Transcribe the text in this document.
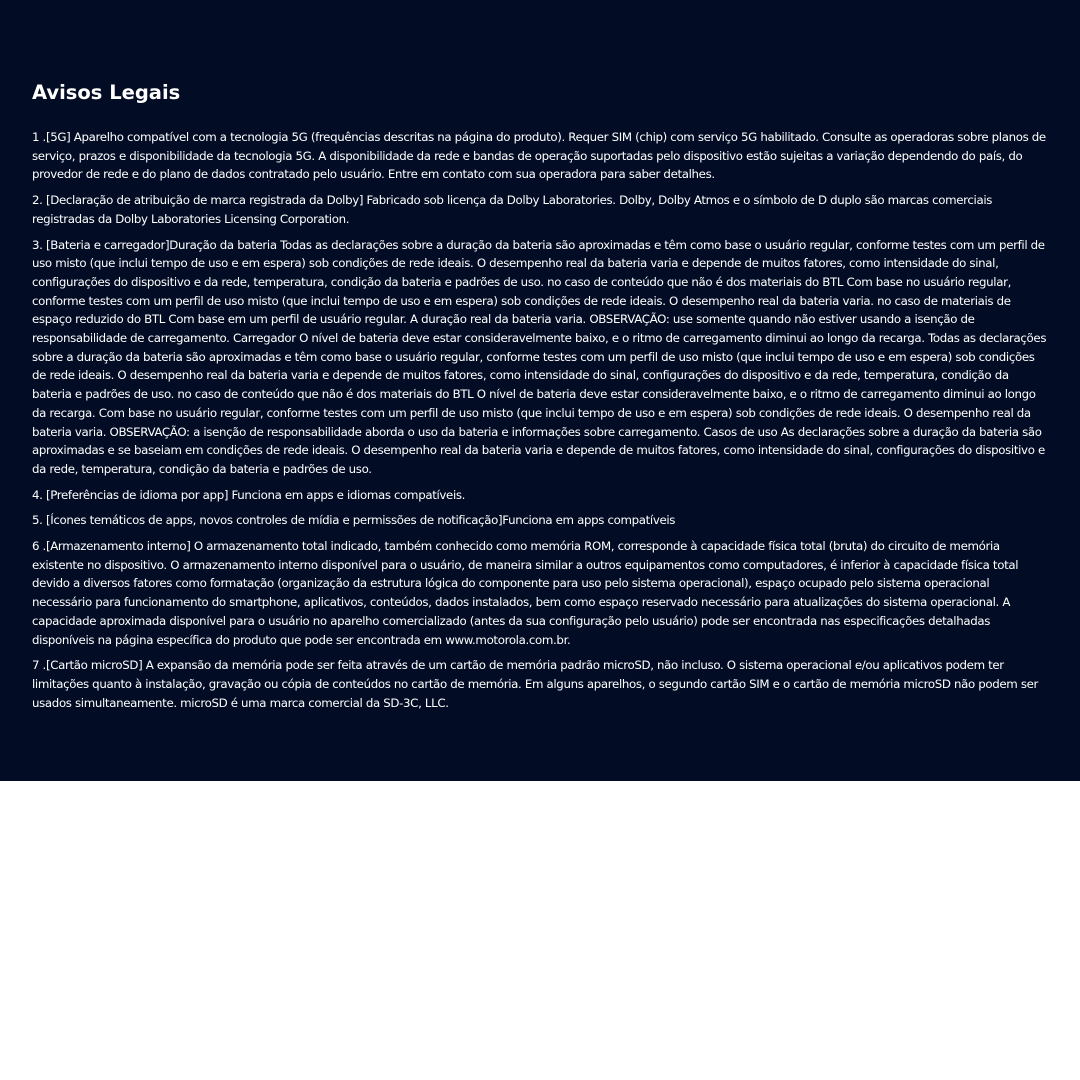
Avisos Legais

1 .[5G] Aparelho compatível com a tecnologia 5G (frequências descritas na página do produto). Requer SIM (chip) com serviço 5G habilitado. Consulte as operadoras sobre planos de serviço, prazos e disponibilidade da tecnologia 5G. A disponibilidade da rede e bandas de operação suportadas pelo dispositivo estão sujeitas a variação dependendo do país, do provedor de rede e do plano de dados contratado pelo usuário. Entre em contato com sua operadora para saber detalhes.

2. [Declaração de atribuição de marca registrada da Dolby] Fabricado sob licença da Dolby Laboratories. Dolby, Dolby Atmos e o símbolo de D duplo são marcas comerciais registradas da Dolby Laboratories Licensing Corporation.

3. [Bateria e carregador]Duração da bateria Todas as declarações sobre a duração da bateria são aproximadas e têm como base o usuário regular, conforme testes com um perfil de uso misto (que inclui tempo de uso e em espera) sob condições de rede ideais. O desempenho real da bateria varia e depende de muitos fatores, como intensidade do sinal, configurações do dispositivo e da rede, temperatura, condição da bateria e padrões de uso. no caso de conteúdo que não é dos materiais do BTL Com base no usuário regular, conforme testes com um perfil de uso misto (que inclui tempo de uso e em espera) sob condições de rede ideais. O desempenho real da bateria varia. no caso de materiais de espaço reduzido do BTL Com base em um perfil de usuário regular. A duração real da bateria varia. OBSERVAÇÃO: use somente quando não estiver usando a isenção de responsabilidade de carregamento. Carregador O nível de bateria deve estar consideravelmente baixo, e o ritmo de carregamento diminui ao longo da recarga. Todas as declarações sobre a duração da bateria são aproximadas e têm como base o usuário regular, conforme testes com um perfil de uso misto (que inclui tempo de uso e em espera) sob condições de rede ideais. O desempenho real da bateria varia e depende de muitos fatores, como intensidade do sinal, configurações do dispositivo e da rede, temperatura, condição da bateria e padrões de uso. no caso de conteúdo que não é dos materiais do BTL O nível de bateria deve estar consideravelmente baixo, e o ritmo de carregamento diminui ao longo da recarga. Com base no usuário regular, conforme testes com um perfil de uso misto (que inclui tempo de uso e em espera) sob condições de rede ideais. O desempenho real da bateria varia. OBSERVAÇÃO: a isenção de responsabilidade aborda o uso da bateria e informações sobre carregamento. Casos de uso As declarações sobre a duração da bateria são aproximadas e se baseiam em condições de rede ideais. O desempenho real da bateria varia e depende de muitos fatores, como intensidade do sinal, configurações do dispositivo e da rede, temperatura, condição da bateria e padrões de uso.

4. [Preferências de idioma por app] Funciona em apps e idiomas compatíveis.

5. [Ícones temáticos de apps, novos controles de mídia e permissões de notificação]Funciona em apps compatíveis

6 .[Armazenamento interno] O armazenamento total indicado, também conhecido como memória ROM, corresponde à capacidade física total (bruta) do circuito de memória existente no dispositivo. O armazenamento interno disponível para o usuário, de maneira similar a outros equipamentos como computadores, é inferior à capacidade física total devido a diversos fatores como formatação (organização da estrutura lógica do componente para uso pelo sistema operacional), espaço ocupado pelo sistema operacional necessário para funcionamento do smartphone, aplicativos, conteúdos, dados instalados, bem como espaço reservado necessário para atualizações do sistema operacional. A capacidade aproximada disponível para o usuário no aparelho comercializado (antes da sua configuração pelo usuário) pode ser encontrada nas especificações detalhadas disponíveis na página específica do produto que pode ser encontrada em www.motorola.com.br.

7 .[Cartão microSD] A expansão da memória pode ser feita através de um cartão de memória padrão microSD, não incluso. O sistema operacional e/ou aplicativos podem ter limitações quanto à instalação, gravação ou cópia de conteúdos no cartão de memória. Em alguns aparelhos, o segundo cartão SIM e o cartão de memória microSD não podem ser usados simultaneamente. microSD é uma marca comercial da SD-3C, LLC.
